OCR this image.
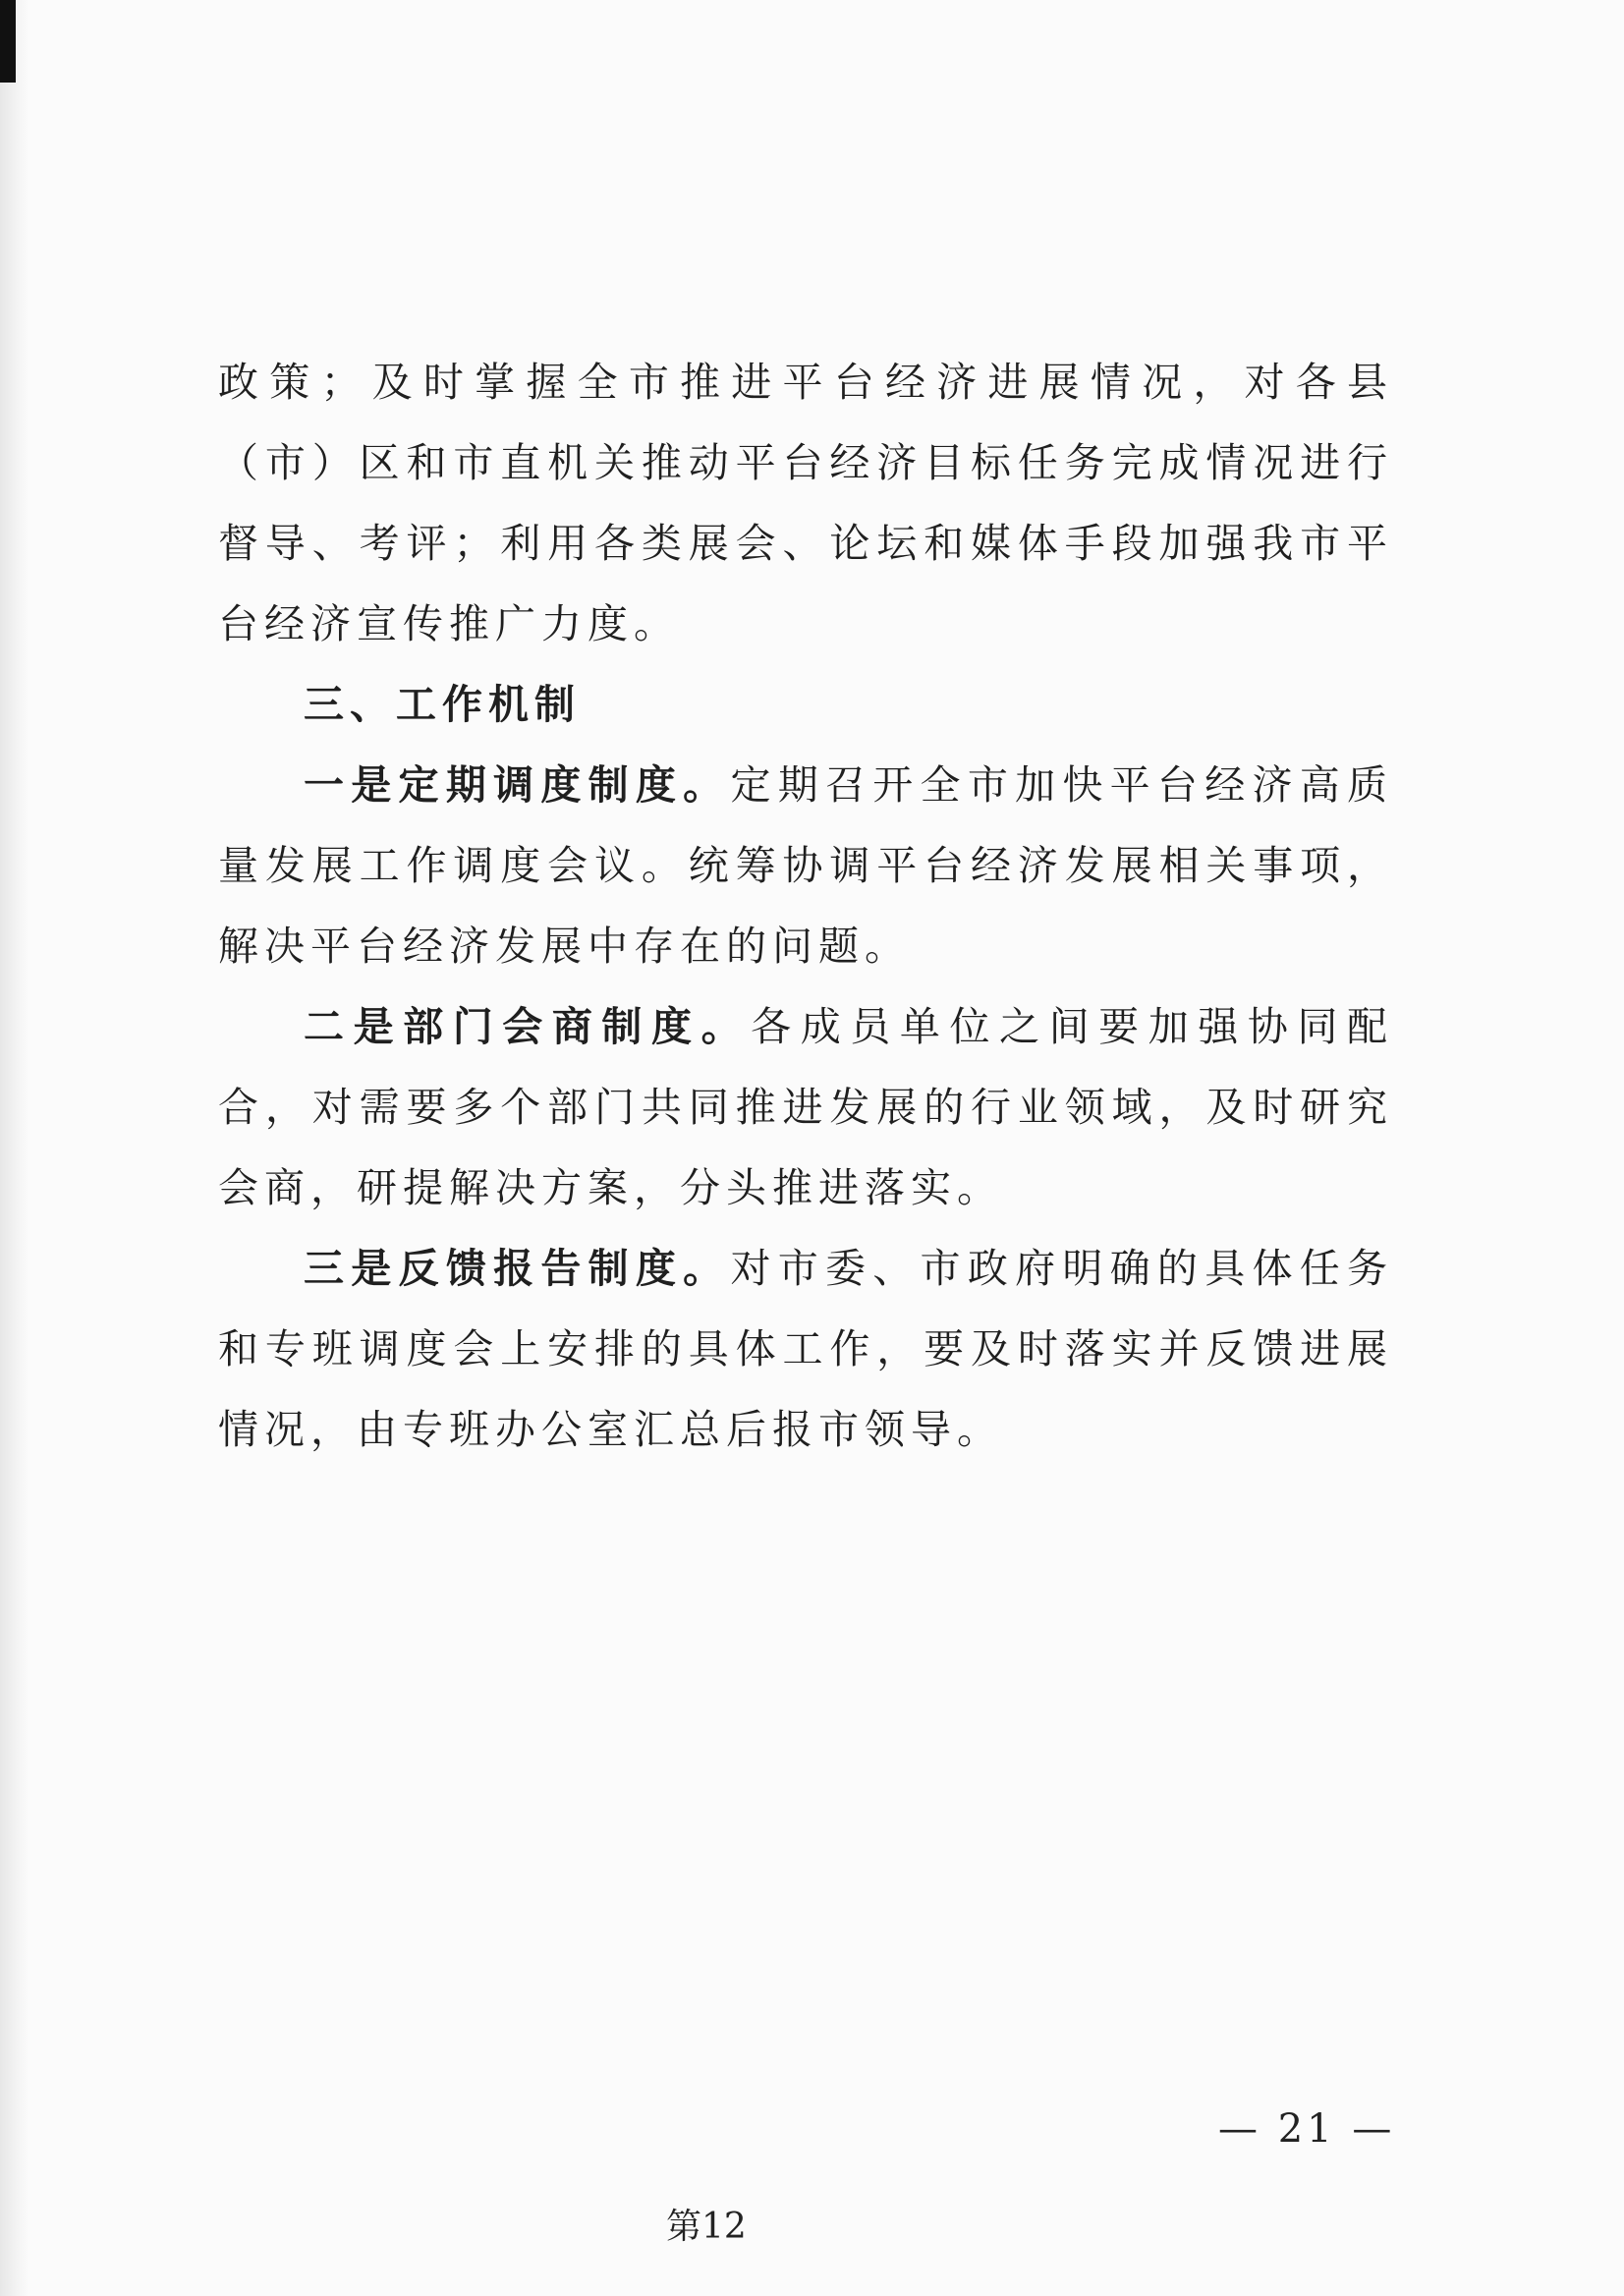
政策；及时掌握全市推进平台经济进展情况，对各县（市）区和市直机关推动平台经济目标任务完成情况进行督导、考评；利用各类展会、论坛和媒体手段加强我市平台经济宣传推广力度。

三、工作机制

一是定期调度制度。定期召开全市加快平台经济高质量发展工作调度会议。统筹协调平台经济发展相关事项，解决平台经济发展中存在的问题。

二是部门会商制度。各成员单位之间要加强协同配合，对需要多个部门共同推进发展的行业领域，及时研究会商，研提解决方案，分头推进落实。

三是反馈报告制度。对市委、市政府明确的具体任务和专班调度会上安排的具体工作，要及时落实并反馈进展情况，由专班办公室汇总后报市领导。

— 21 —
第12
